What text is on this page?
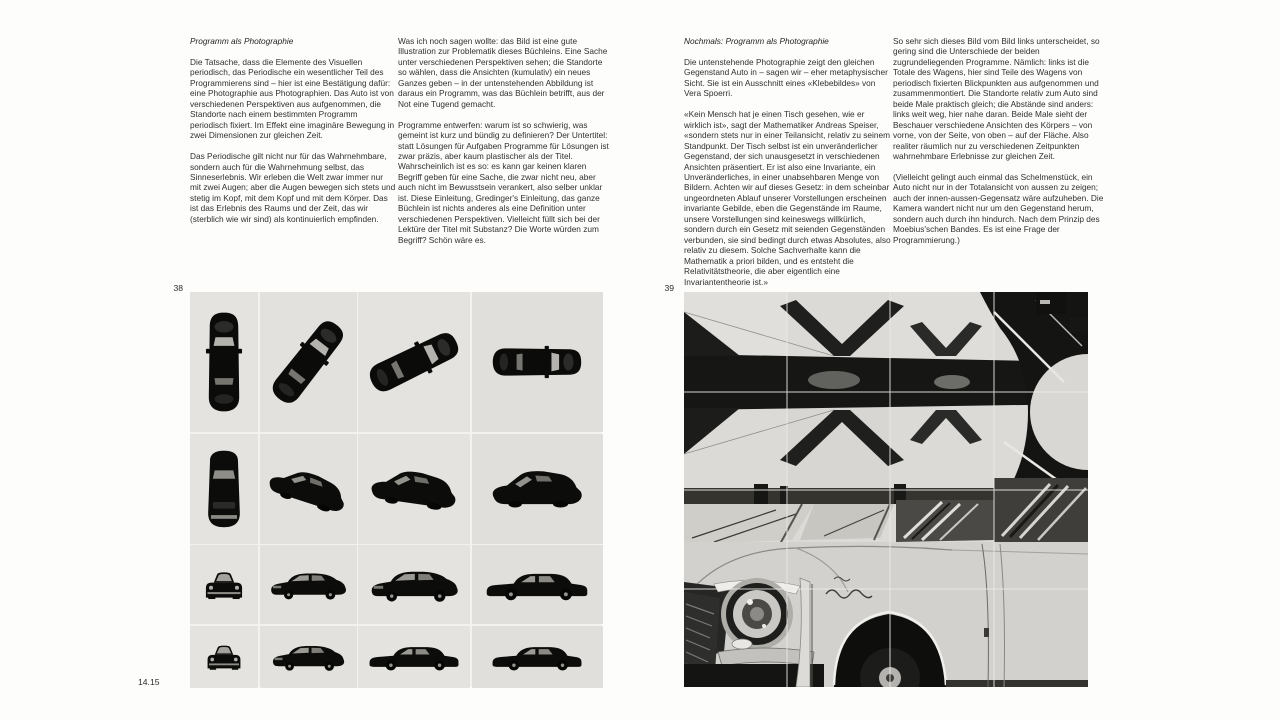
Programm als Photographie

Die Tatsache, dass die Elemente des Visuellen periodisch, das Periodische ein wesentlicher Teil des Programmierens sind – hier ist eine Bestätigung dafür: eine Photographie aus Photographien. Das Auto ist von verschiedenen Perspektiven aus aufgenommen, die Standorte nach einem bestimmten Programm periodisch fixiert. Im Effekt eine imaginäre Bewegung in zwei Dimensionen zur gleichen Zeit.

Das Periodische gilt nicht nur für das Wahrnehmbare, sondern auch für die Wahrnehmung selbst, das Sinneserlebnis. Wir erleben die Welt zwar immer nur mit zwei Augen; aber die Augen bewegen sich stets und stetig im Kopf, mit dem Kopf und mit dem Körper. Das ist das Erlebnis des Raums und der Zeit, das wir (sterblich wie wir sind) als kontinuierlich empfinden.

Was ich noch sagen wollte: das Bild ist eine gute Illustration zur Problematik dieses Büchleins. Eine Sache unter verschiedenen Perspektiven sehen; die Standorte so wählen, dass die Ansichten (kumulativ) ein neues Ganzes geben – in der untenstehenden Abbildung ist daraus ein Programm, was das Büchlein betrifft, aus der Not eine Tugend gemacht.

Programme entwerfen: warum ist so schwierig, was gemeint ist kurz und bündig zu definieren? Der Untertitel: statt Lösungen für Aufgaben Programme für Lösungen ist zwar präzis, aber kaum plastischer als der Titel. Wahrscheinlich ist es so: es kann gar keinen klaren Begriff geben für eine Sache, die zwar nicht neu, aber auch nicht im Bewusstsein verankert, also selber unklar ist. Diese Einleitung, Gredinger's Einleitung, das ganze Büchlein ist nichts anderes als eine Definition unter verschiedenen Perspektiven. Vielleicht füllt sich bei der Lektüre der Titel mit Substanz? Die Worte würden zum Begriff? Schön wäre es.

Nochmals: Programm als Photographie

Die untenstehende Photographie zeigt den gleichen Gegenstand Auto in – sagen wir – eher metaphysischer Sicht. Sie ist ein Ausschnitt eines «Klebebildes» von Vera Spoerri.

«Kein Mensch hat je einen Tisch gesehen, wie er wirklich ist», sagt der Mathematiker Andreas Speiser, «sondern stets nur in einer Teilansicht, relativ zu seinem Standpunkt. Der Tisch selbst ist ein unveränderlicher Gegenstand, der sich unausgesetzt in verschiedenen Ansichten präsentiert. Er ist also eine Invariante, ein Unveränderliches, in einer unabsehbaren Menge von Bildern. Achten wir auf dieses Gesetz: in dem scheinbar ungeordneten Ablauf unserer Vorstellungen erscheinen invariante Gebilde, eben die Gegenstände im Raume, unsere Vorstellungen sind keineswegs willkürlich, sondern durch ein Gesetz mit seienden Gegenständen verbunden, sie sind bedingt durch etwas Absolutes, also relativ zu diesem. Solche Sachverhalte kann die Mathematik a priori bilden, und es entsteht die Relativitätstheorie, die aber eigentlich eine Invariantentheorie ist.»

So sehr sich dieses Bild vom Bild links unterscheidet, so gering sind die Unterschiede der beiden zugrundeliegenden Programme. Nämlich: links ist die Totale des Wagens, hier sind Teile des Wagens von periodisch fixierten Blickpunkten aus aufgenommen und zusammenmontiert. Die Standorte relativ zum Auto sind beide Male praktisch gleich; die Abstände sind anders: links weit weg, hier nahe daran. Beide Male sieht der Beschauer verschiedene Ansichten des Körpers – von vorne, von der Seite, von oben – auf der Fläche. Also realiter räumlich nur zu verschiedenen Zeitpunkten wahrnehmbare Erlebnisse zur gleichen Zeit.

(Vielleicht gelingt auch einmal das Schelmenstück, ein Auto nicht nur in der Totalansicht von aussen zu zeigen; auch der innen-aussen-Gegensatz wäre aufzuheben. Die Kamera wandert nicht nur um den Gegenstand herum, sondern auch durch ihn hindurch. Nach dem Prinzip des Moebius'schen Bandes. Es ist eine Frage der Programmierung.)

38	39
14.15
